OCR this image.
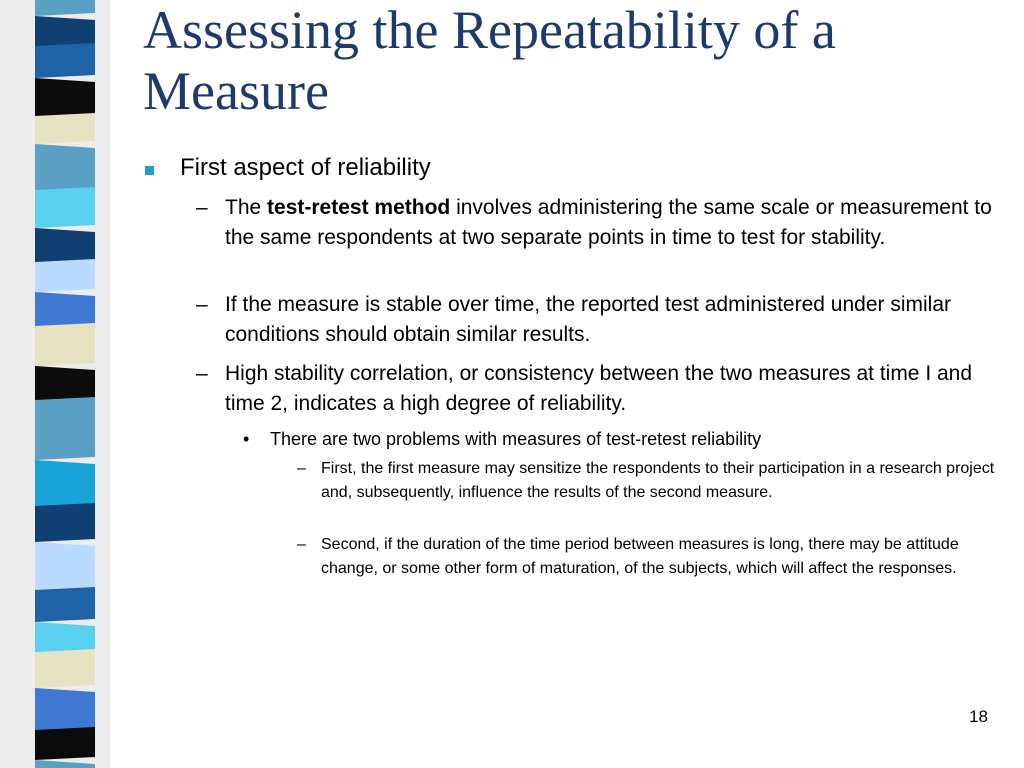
Assessing the Repeatability of a Measure

First aspect of reliability

– The test-retest method involves administering the same scale or measurement to the same respondents at two separate points in time to test for stability.

– If the measure is stable over time, the reported test administered under similar conditions should obtain similar results.

– High stability correlation, or consistency between the two measures at time I and time 2, indicates a high degree of reliability.

• There are two problems with measures of test-retest reliability

– First, the first measure may sensitize the respondents to their participation in a research project and, subsequently, influence the results of the second measure.

– Second, if the duration of the time period between measures is long, there may be attitude change, or some other form of maturation, of the subjects, which will affect the responses.

18
